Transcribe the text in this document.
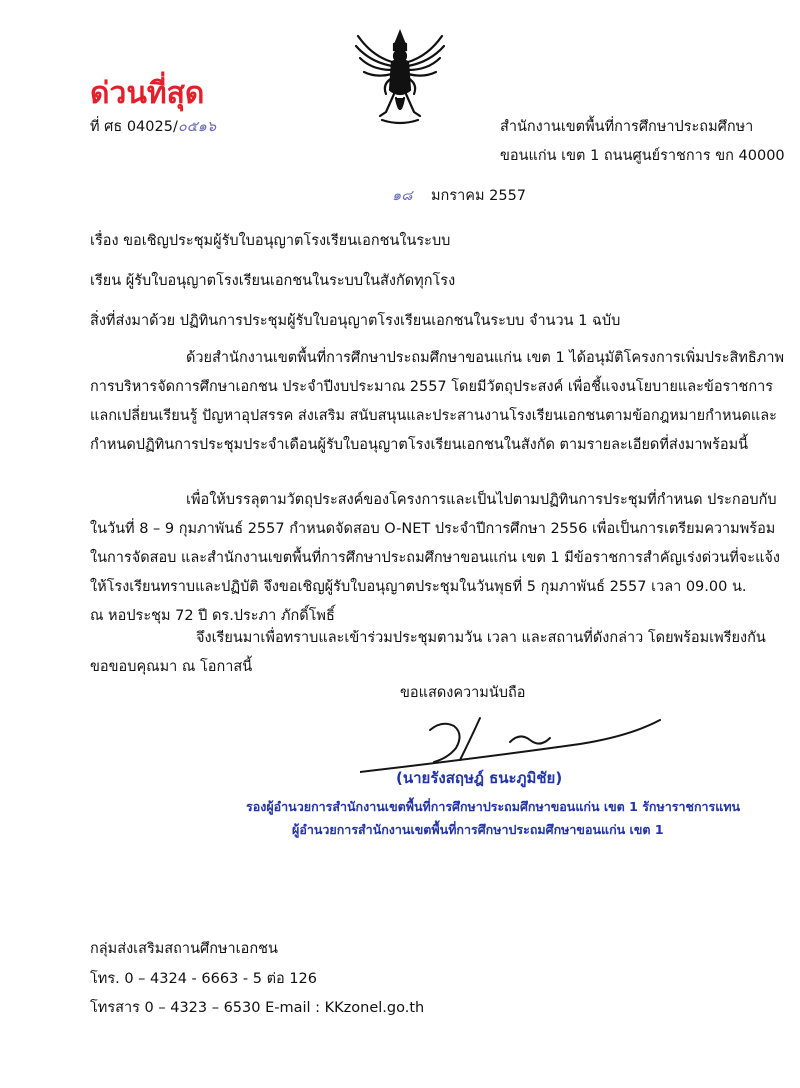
ด่วนที่สุด
ที่ ศธ 04025/๐๕๑๖	สำนักงานเขตพื้นที่การศึกษาประถมศึกษา
ขอนแก่น เขต 1 ถนนศูนย์ราชการ ขก 40000
๑๘ มกราคม 2557
เรื่อง ขอเชิญประชุมผู้รับใบอนุญาตโรงเรียนเอกชนในระบบ
เรียน ผู้รับใบอนุญาตโรงเรียนเอกชนในระบบในสังกัดทุกโรง
สิ่งที่ส่งมาด้วย ปฏิทินการประชุมผู้รับใบอนุญาตโรงเรียนเอกชนในระบบ จำนวน 1 ฉบับ
ด้วยสำนักงานเขตพื้นที่การศึกษาประถมศึกษาขอนแก่น เขต 1 ได้อนุมัติโครงการเพิ่มประสิทธิภาพ
การบริหารจัดการศึกษาเอกชน ประจำปีงบประมาณ 2557 โดยมีวัตถุประสงค์ เพื่อชี้แจงนโยบายและข้อราชการ
แลกเปลี่ยนเรียนรู้ ปัญหาอุปสรรค ส่งเสริม สนับสนุนและประสานงานโรงเรียนเอกชนตามข้อกฎหมายกำหนดและ
กำหนดปฏิทินการประชุมประจำเดือนผู้รับใบอนุญาตโรงเรียนเอกชนในสังกัด ตามรายละเอียดที่ส่งมาพร้อมนี้
เพื่อให้บรรลุตามวัตถุประสงค์ของโครงการและเป็นไปตามปฏิทินการประชุมที่กำหนด ประกอบกับ
ในวันที่ 8 – 9 กุมภาพันธ์ 2557 กำหนดจัดสอบ O-NET ประจำปีการศึกษา 2556 เพื่อเป็นการเตรียมความพร้อม
ในการจัดสอบ และสำนักงานเขตพื้นที่การศึกษาประถมศึกษาขอนแก่น เขต 1 มีข้อราชการสำคัญเร่งด่วนที่จะแจ้ง
ให้โรงเรียนทราบและปฏิบัติ จึงขอเชิญผู้รับใบอนุญาตประชุมในวันพุธที่ 5 กุมภาพันธ์ 2557 เวลา 09.00 น.
ณ หอประชุม 72 ปี ดร.ประภา ภักดิ์โพธิ์
จึงเรียนมาเพื่อทราบและเข้าร่วมประชุมตามวัน เวลา และสถานที่ดังกล่าว โดยพร้อมเพรียงกัน
ขอขอบคุณมา ณ โอกาสนี้
ขอแสดงความนับถือ
(นายรังสฤษฎ์ ธนะภูมิชัย)
รองผู้อำนวยการสำนักงานเขตพื้นที่การศึกษาประถมศึกษาขอนแก่น เขต 1 รักษาราชการแทน
ผู้อำนวยการสำนักงานเขตพื้นที่การศึกษาประถมศึกษาขอนแก่น เขต 1
กลุ่มส่งเสริมสถานศึกษาเอกชน
โทร. 0 – 4324 - 6663 - 5 ต่อ 126
โทรสาร 0 – 4323 – 6530 E-mail : KKzonel.go.th
